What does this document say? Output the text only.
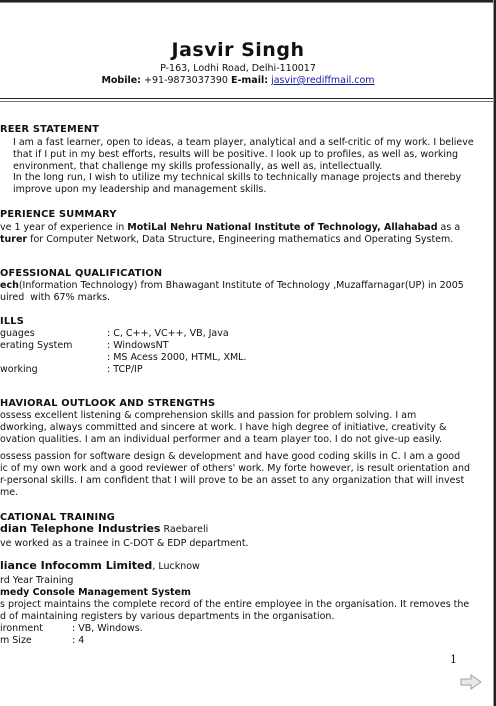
Jasvir Singh
P-163, Lodhi Road, Delhi-110017
Mobile: +91-9873037390 E-mail: jasvir@rediffmail.com
REER STATEMENT
I am a fast learner, open to ideas, a team player, analytical and a self-critic of my work. I believe
that if I put in my best efforts, results will be positive. I look up to profiles, as well as, working
environment, that challenge my skills professionally, as well as, intellectually.
In the long run, I wish to utilize my technical skills to technically manage projects and thereby
improve upon my leadership and management skills.
PERIENCE SUMMARY
ve 1 year of experience in MotiLal Nehru National Institute of Technology, Allahabad as a
turer for Computer Network, Data Structure, Engineering mathematics and Operating System.
OFESSIONAL QUALIFICATION
ech(Information Technology) from Bhawagant Institute of Technology ,Muzaffarnagar(UP) in 2005
uired  with 67% marks.
ILLS
guages	: C, C++, VC++, VB, Java
erating System	: WindowsNT
: MS Acess 2000, HTML, XML.
working	: TCP/IP
HAVIORAL OUTLOOK AND STRENGTHS
ossess excellent listening & comprehension skills and passion for problem solving. I am
dworking, always committed and sincere at work. I have high degree of initiative, creativity &
ovation qualities. I am an individual performer and a team player too. I do not give-up easily.
ossess passion for software design & development and have good coding skills in C. I am a good
ic of my own work and a good reviewer of others' work. My forte however, is result orientation and
r-personal skills. I am confident that I will prove to be an asset to any organization that will invest
me.
CATIONAL TRAINING
dian Telephone Industries Raebareli
ve worked as a trainee in C-DOT & EDP department.
liance Infocomm Limited, Lucknow
rd Year Training
medy Console Management System
s project maintains the complete record of the entire employee in the organisation. It removes the
d of maintaining registers by various departments in the organisation.
ironment	: VB, Windows.
m Size	: 4
1
